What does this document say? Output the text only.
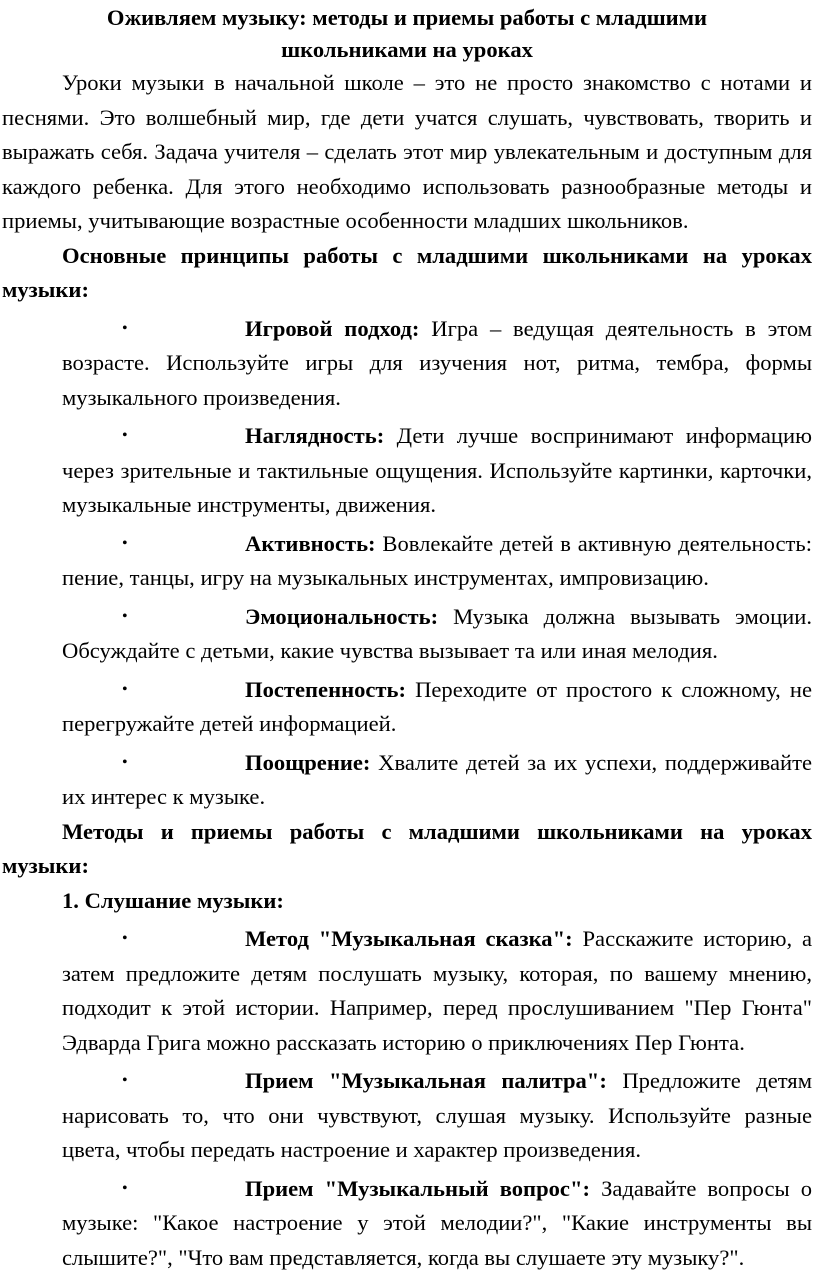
Оживляем музыку: методы и приемы работы с младшими школьниками на уроках

Уроки музыки в начальной школе – это не просто знакомство с нотами и песнями. Это волшебный мир, где дети учатся слушать, чувствовать, творить и выражать себя. Задача учителя – сделать этот мир увлекательным и доступным для каждого ребенка. Для этого необходимо использовать разнообразные методы и приемы, учитывающие возрастные особенности младших школьников.

Основные принципы работы с младшими школьниками на уроках музыки:

•	Игровой подход: Игра – ведущая деятельность в этом возрасте. Используйте игры для изучения нот, ритма, тембра, формы музыкального произведения.
•	Наглядность: Дети лучше воспринимают информацию через зрительные и тактильные ощущения. Используйте картинки, карточки, музыкальные инструменты, движения.
•	Активность: Вовлекайте детей в активную деятельность: пение, танцы, игру на музыкальных инструментах, импровизацию.
•	Эмоциональность: Музыка должна вызывать эмоции. Обсуждайте с детьми, какие чувства вызывает та или иная мелодия.
•	Постепенность: Переходите от простого к сложному, не перегружайте детей информацией.
•	Поощрение: Хвалите детей за их успехи, поддерживайте их интерес к музыке.

Методы и приемы работы с младшими школьниками на уроках музыки:

1. Слушание музыки:

•	Метод "Музыкальная сказка": Расскажите историю, а затем предложите детям послушать музыку, которая, по вашему мнению, подходит к этой истории. Например, перед прослушиванием "Пер Гюнта" Эдварда Грига можно рассказать историю о приключениях Пер Гюнта.
•	Прием "Музыкальная палитра": Предложите детям нарисовать то, что они чувствуют, слушая музыку. Используйте разные цвета, чтобы передать настроение и характер произведения.
•	Прием "Музыкальный вопрос": Задавайте вопросы о музыке: "Какое настроение у этой мелодии?", "Какие инструменты вы слышите?", "Что вам представляется, когда вы слушаете эту музыку?".
